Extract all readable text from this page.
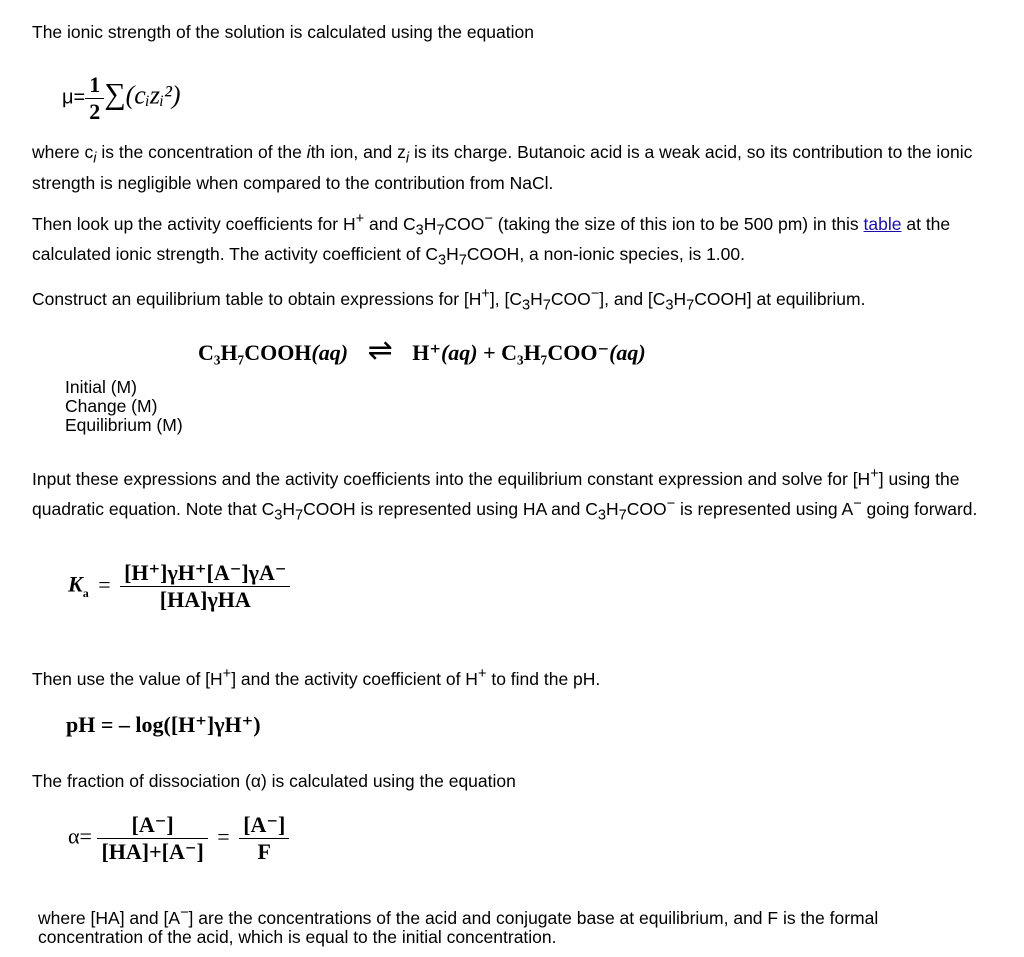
The ionic strength of the solution is calculated using the equation

$\mu= \frac{1}{2}$ ∑(cᵢzᵢ²)

where $c_i$ is the concentration of the ith ion, and $z_i$ is its charge. Butanoic acid is a weak acid, so its contribution to the ionic strength is negligible when compared to the contribution from NaCl.

Then look up the activity coefficients for H+ and $C_3H_7COO^-$ (taking the size of this ion to be 500 pm) in this table at the calculated ionic strength. The activity coefficient of $C_3H_7COOH$, a non-ionic species, is 1.00.

Construct an equilibrium table to obtain expressions for [H+], $[C_3H_7COO^-]$, and $[C_3H_7COOH]$ at equilibrium.

C₃H₇COOH(aq) ⇌ H⁺(aq) + C₃H₇COO⁻(aq)
Initial (M)
Change (M)
Equilibrium (M)

Input these expressions and the activity coefficients into the equilibrium constant expression and solve for [H+] using the quadratic equation. Note that $C_3H_7COOH$ is represented using HA and $C_3H_7COO^-$ is represented using A− going forward.

$K_a = \frac{[H^+]\gamma H^+[A^-]\gamma A^-}{\text{[HA]γHA}}$

Then use the value of [H+] and the activity coefficient of H+ to find the pH.

pH = – log([H⁺]γH⁺)

The fraction of dissociation (α) is calculated using the equation

$\alpha= \frac{[A^-]}{[HA]+[A^-]} = \frac{[A^-]}{F}$

where [HA] and [A−] are the concentrations of the acid and conjugate base at equilibrium, and F is the formal concentration of the acid, which is equal to the initial concentration.
